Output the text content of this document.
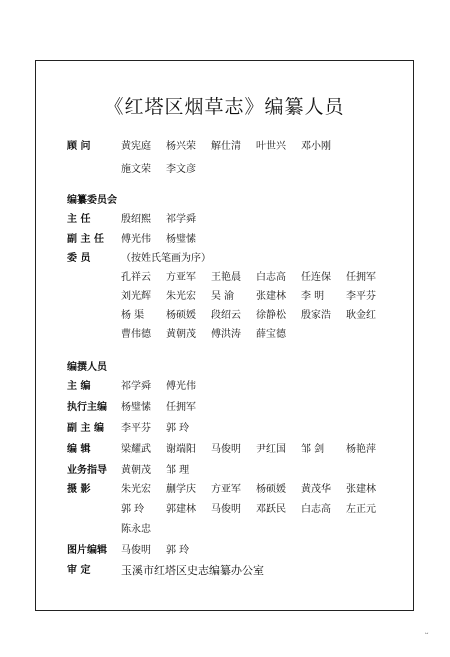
《红塔区烟草志》编纂人员
顾 问	黄宪庭	杨兴荣	解仕清	叶世兴	邓小刚
施文荣	李文彦
编纂委员会
主 任	殷绍熙	祁学舜
副 主 任 傅光伟	杨璧愫
委 员	（按姓氏笔画为序）
孔祥云	方亚军	王艳晨	白志高	任连保	任拥军
刘光辉	朱光宏	吴 渝	张建林	李 明	李平芬
杨 渠	杨硕媛	段绍云	徐静松	殷家浩	耿金红
曹伟德	黄朝茂	傅洪涛	薛宝德
编撰人员
主 编	祁学舜	傅光伟
执行主编 杨璧愫	任拥军
副 主 编 李平芬	郭 玲
编 辑	梁耀武	谢端阳	马俊明	尹红国	邹 剑	杨艳萍
业务指导 黄朝茂	邹 理
摄 影	朱光宏	蒯学庆	方亚军	杨硕媛	黄茂华	张建林
郭 玲	郭建林	马俊明	邓跃民	白志高	左正元
陈永忠
图片编辑 马俊明	郭 玲
审 定	玉溪市红塔区史志编纂办公室
ᵕ
